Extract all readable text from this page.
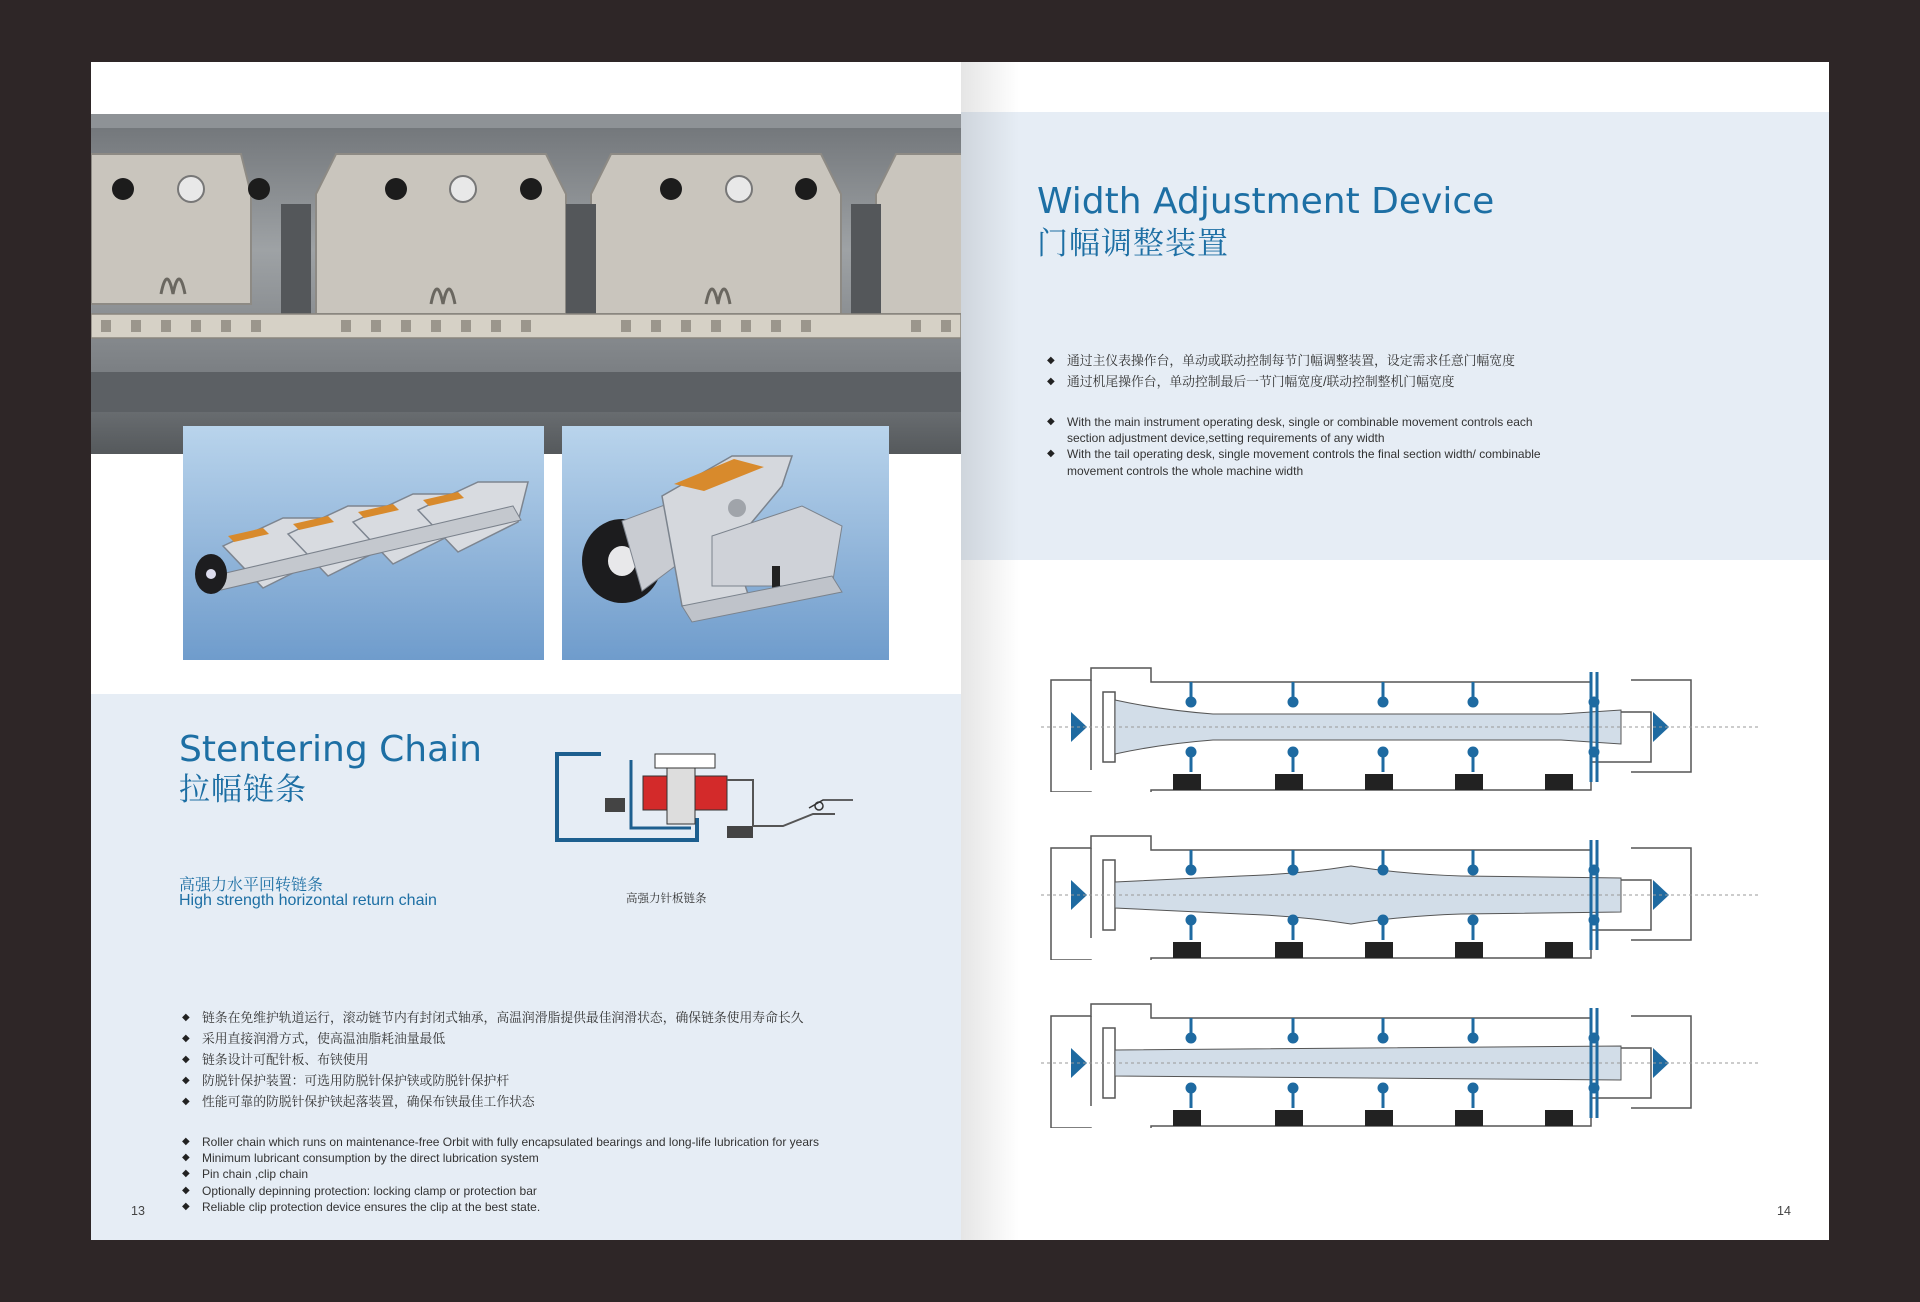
Stentering Chain
拉幅链条
高强力水平回转链条
High strength horizontal return chain	高强力针板链条
◆ 链条在免维护轨道运行，滚动链节内有封闭式轴承，高温润滑脂提供最佳润滑状态，确保链条使用寿命长久
◆ 采用直接润滑方式，使高温油脂耗油量最低
◆ 链条设计可配针板、布铗使用
◆ 防脱针保护装置：可选用防脱针保护铗或防脱针保护杆
◆ 性能可靠的防脱针保护铗起落装置，确保布铗最佳工作状态
◆ Roller chain which runs on maintenance-free Orbit with fully encapsulated bearings and long-life lubrication for years
◆ Minimum lubricant consumption by the direct lubrication system
◆ Pin chain ,clip chain
◆ Optionally depinning protection: locking clamp or protection bar
◆ Reliable clip protection device ensures the clip at the best state.
13
Width Adjustment Device
门幅调整装置
◆ 通过主仪表操作台，单动或联动控制每节门幅调整装置，设定需求任意门幅宽度
◆ 通过机尾操作台，单动控制最后一节门幅宽度/联动控制整机门幅宽度
◆ With the main instrument operating desk, single or combinable movement controls each section adjustment device,setting requirements of any width
◆ With the tail operating desk, single movement controls the final section width/ combinable movement controls the whole machine width
14
